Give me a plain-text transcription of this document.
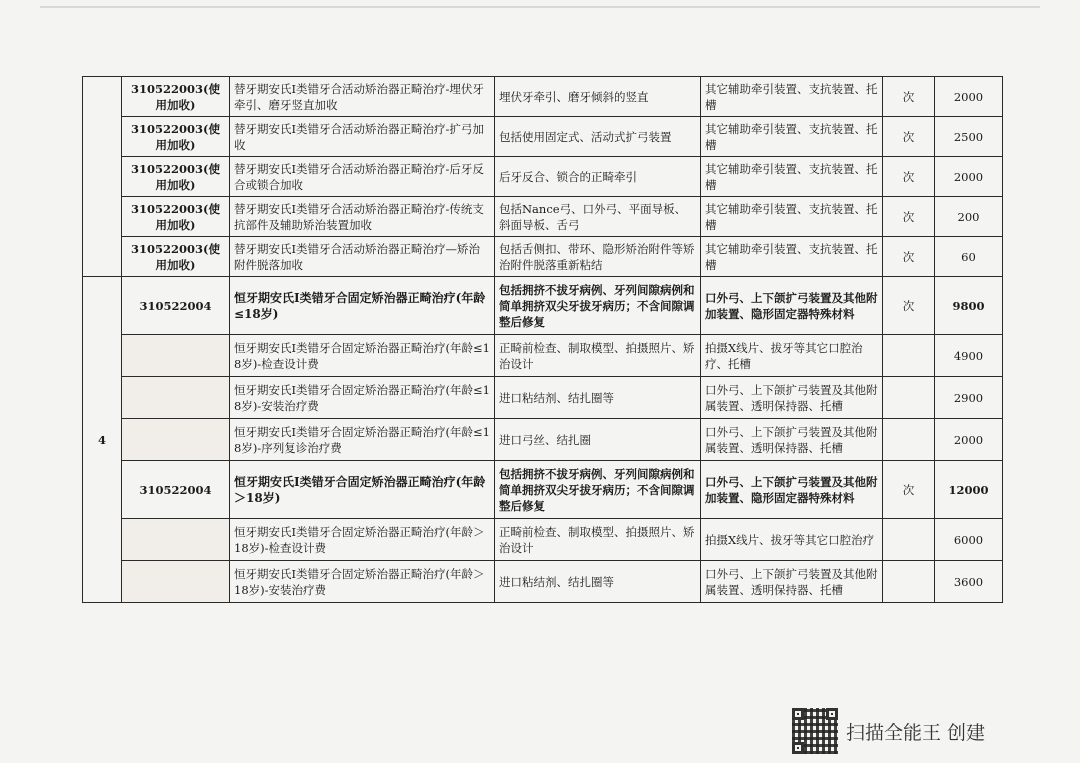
	310522003(使用加收)	替牙期安氏Ⅰ类错牙合活动矫治器正畸治疗-埋伏牙牵引、磨牙竖直加收	埋伏牙牵引、磨牙倾斜的竖直	其它辅助牵引装置、支抗装置、托槽	次	2000
	310522003(使用加收)	替牙期安氏Ⅰ类错牙合活动矫治器正畸治疗-扩弓加收	包括使用固定式、活动式扩弓装置	其它辅助牵引装置、支抗装置、托槽	次	2500
	310522003(使用加收)	替牙期安氏Ⅰ类错牙合活动矫治器正畸治疗-后牙反合或锁合加收	后牙反合、锁合的正畸牵引	其它辅助牵引装置、支抗装置、托槽	次	2000
	310522003(使用加收)	替牙期安氏Ⅰ类错牙合活动矫治器正畸治疗-传统支抗部件及辅助矫治装置加收	包括Nance弓、口外弓、平面导板、斜面导板、舌弓	其它辅助牵引装置、支抗装置、托槽	次	200
	310522003(使用加收)	替牙期安氏Ⅰ类错牙合活动矫治器正畸治疗—矫治附件脱落加收	包括舌侧扣、带环、隐形矫治附件等矫治附件脱落重新粘结	其它辅助牵引装置、支抗装置、托槽	次	60
4	310522004	恒牙期安氏Ⅰ类错牙合固定矫治器正畸治疗(年龄≤18岁)	包括拥挤不拔牙病例、牙列间隙病例和简单拥挤双尖牙拔牙病历；不含间隙调整后修复	口外弓、上下颌扩弓装置及其他附加装置、隐形固定器特殊材料	次	9800
		恒牙期安氏Ⅰ类错牙合固定矫治器正畸治疗(年龄≤18岁)-检查设计费	正畸前检查、制取模型、拍摄照片、矫治设计	拍摄X线片、拔牙等其它口腔治疗、托槽		4900
		恒牙期安氏Ⅰ类错牙合固定矫治器正畸治疗(年龄≤18岁)-安装治疗费	进口粘结剂、结扎圈等	口外弓、上下颌扩弓装置及其他附属装置、透明保持器、托槽		2900
		恒牙期安氏Ⅰ类错牙合固定矫治器正畸治疗(年龄≤18岁)-序列复诊治疗费	进口弓丝、结扎圈	口外弓、上下颌扩弓装置及其他附属装置、透明保持器、托槽		2000
	310522004	恒牙期安氏Ⅰ类错牙合固定矫治器正畸治疗(年龄＞18岁)	包括拥挤不拔牙病例、牙列间隙病例和简单拥挤双尖牙拔牙病历；不含间隙调整后修复	口外弓、上下颌扩弓装置及其他附加装置、隐形固定器特殊材料	次	12000
		恒牙期安氏Ⅰ类错牙合固定矫治器正畸治疗(年龄＞18岁)-检查设计费	正畸前检查、制取模型、拍摄照片、矫治设计	拍摄X线片、拔牙等其它口腔治疗		6000
		恒牙期安氏Ⅰ类错牙合固定矫治器正畸治疗(年龄＞18岁)-安装治疗费	进口粘结剂、结扎圈等	口外弓、上下颌扩弓装置及其他附属装置、透明保持器、托槽		3600
扫描全能王 创建
